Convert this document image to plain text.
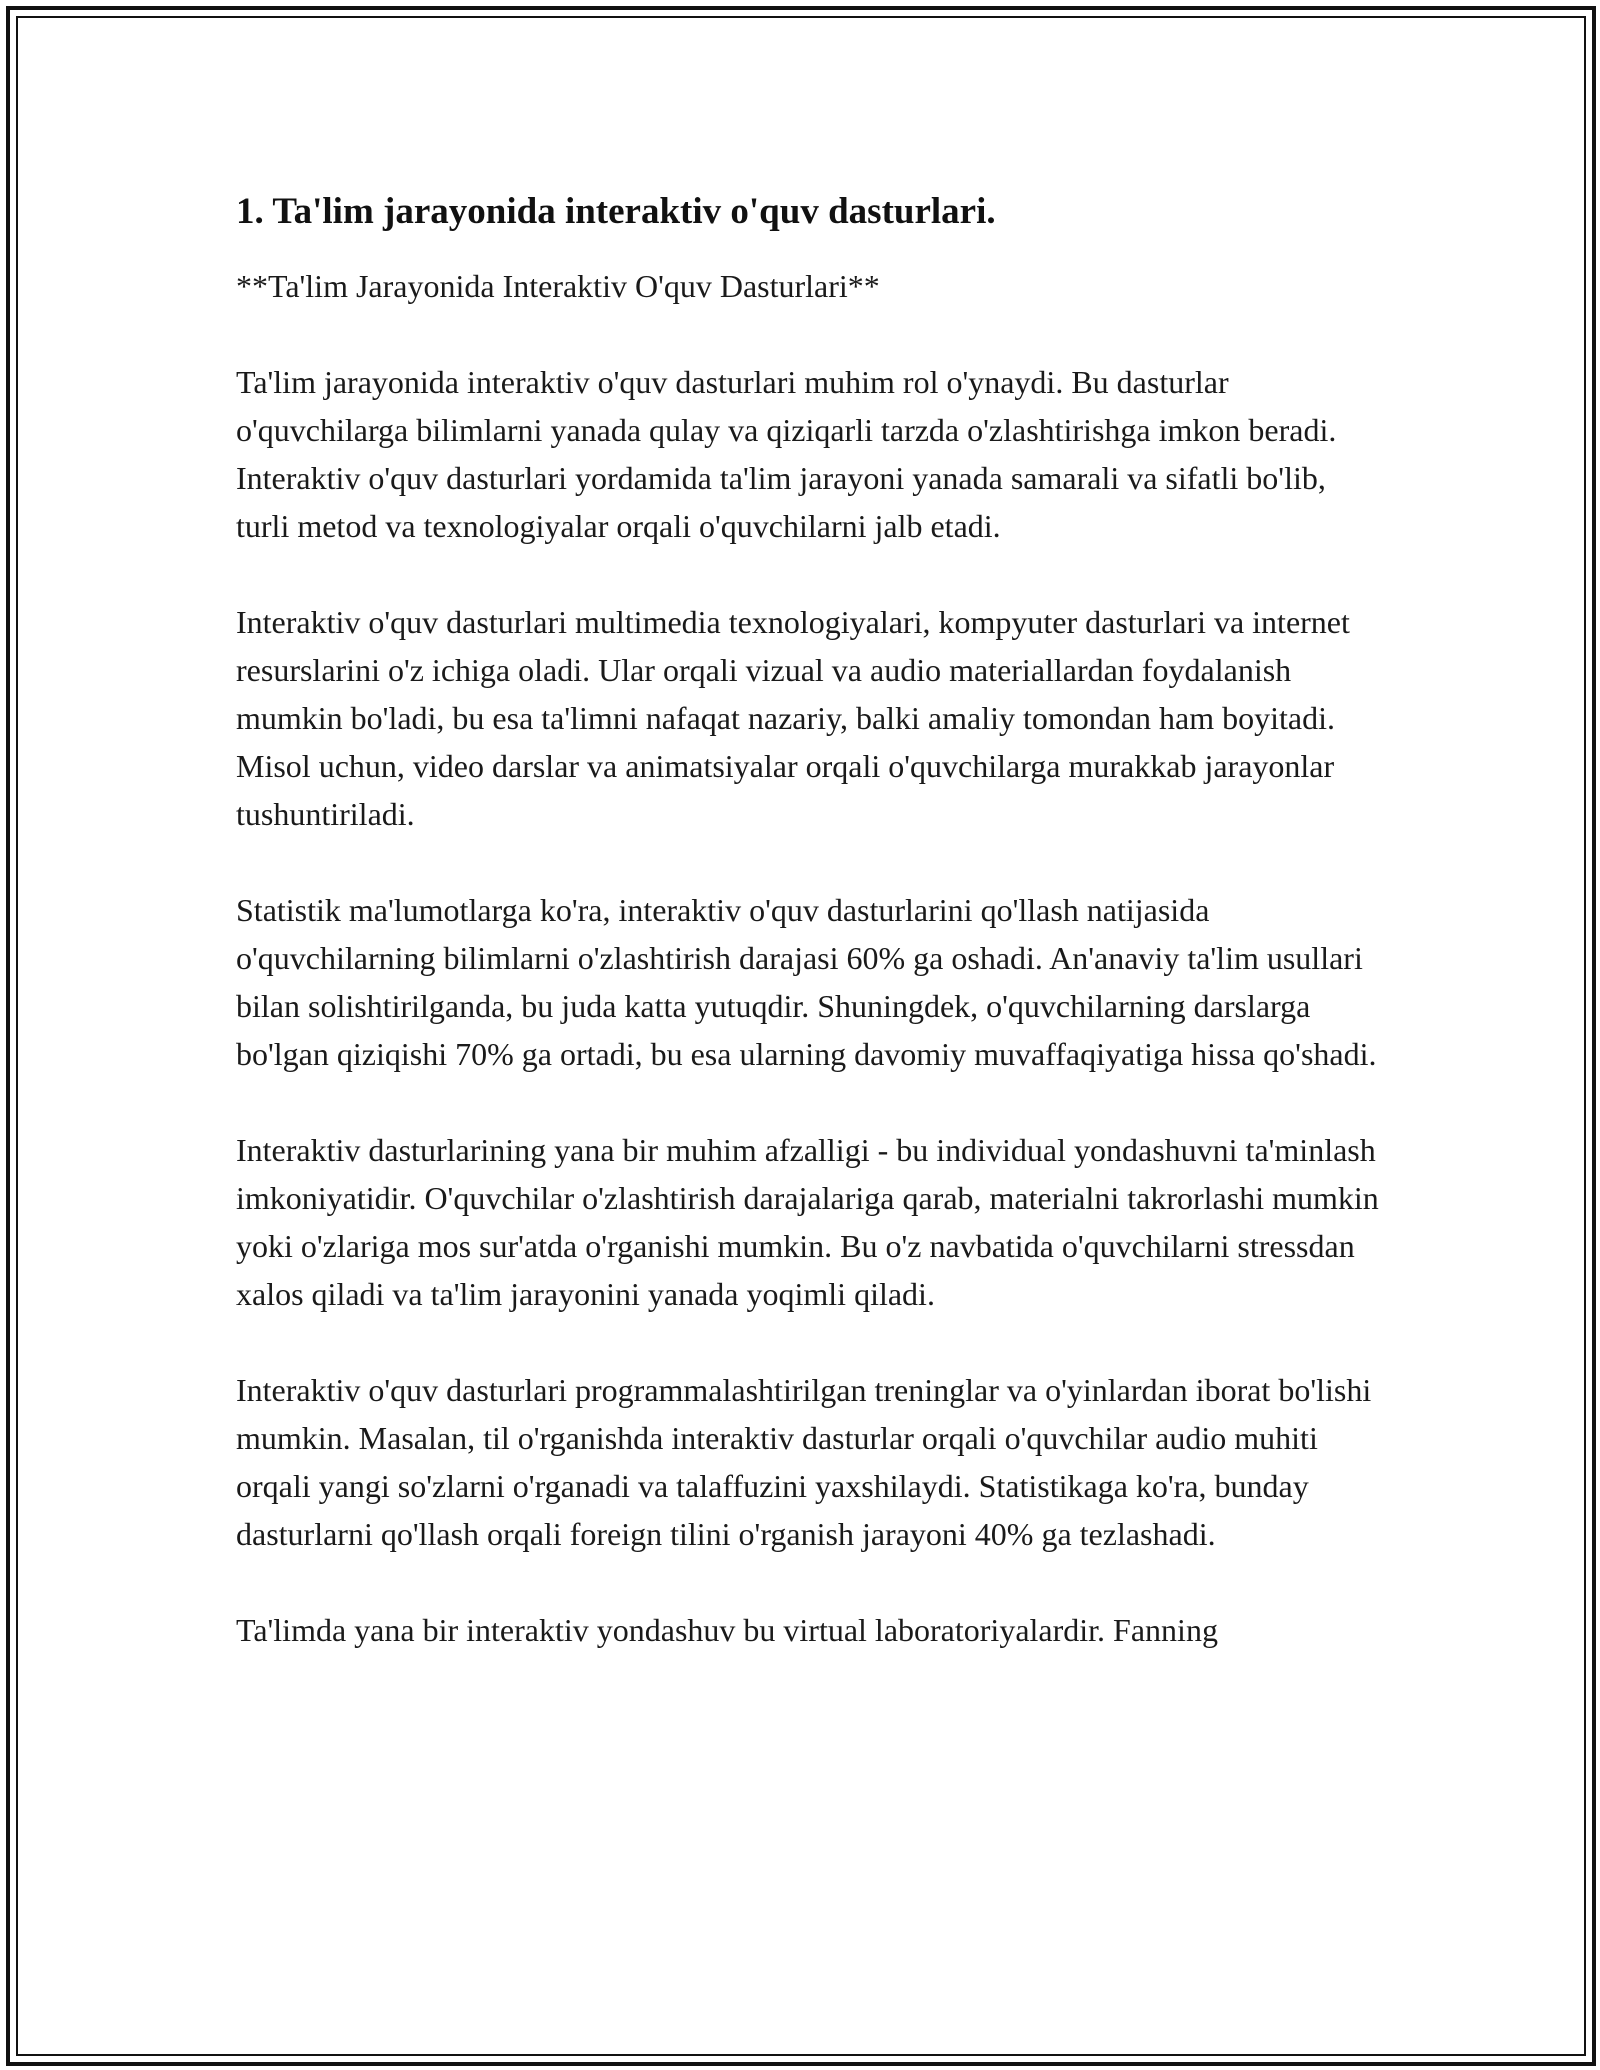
1. Ta'lim jarayonida interaktiv o'quv dasturlari.

**Ta'lim Jarayonida Interaktiv O'quv Dasturlari**

Ta'lim jarayonida interaktiv o'quv dasturlari muhim rol o'ynaydi. Bu dasturlar o'quvchilarga bilimlarni yanada qulay va qiziqarli tarzda o'zlashtirishga imkon beradi. Interaktiv o'quv dasturlari yordamida ta'lim jarayoni yanada samarali va sifatli bo'lib, turli metod va texnologiyalar orqali o'quvchilarni jalb etadi.

Interaktiv o'quv dasturlari multimedia texnologiyalari, kompyuter dasturlari va internet resurslarini o'z ichiga oladi. Ular orqali vizual va audio materiallardan foydalanish mumkin bo'ladi, bu esa ta'limni nafaqat nazariy, balki amaliy tomondan ham boyitadi. Misol uchun, video darslar va animatsiyalar orqali o'quvchilarga murakkab jarayonlar tushuntiriladi.

Statistik ma'lumotlarga ko'ra, interaktiv o'quv dasturlarini qo'llash natijasida o'quvchilarning bilimlarni o'zlashtirish darajasi 60% ga oshadi. An'anaviy ta'lim usullari bilan solishtirilganda, bu juda katta yutuqdir. Shuningdek, o'quvchilarning darslarga bo'lgan qiziqishi 70% ga ortadi, bu esa ularning davomiy muvaffaqiyatiga hissa qo'shadi.

Interaktiv dasturlarining yana bir muhim afzalligi - bu individual yondashuvni ta'minlash imkoniyatidir. O'quvchilar o'zlashtirish darajalariga qarab, materialni takrorlashi mumkin yoki o'zlariga mos sur'atda o'rganishi mumkin. Bu o'z navbatida o'quvchilarni stressdan xalos qiladi va ta'lim jarayonini yanada yoqimli qiladi.

Interaktiv o'quv dasturlari programmalashtirilgan treninglar va o'yinlardan iborat bo'lishi mumkin. Masalan, til o'rganishda interaktiv dasturlar orqali o'quvchilar audio muhiti orqali yangi so'zlarni o'rganadi va talaffuzini yaxshilaydi. Statistikaga ko'ra, bunday dasturlarni qo'llash orqali foreign tilini o'rganish jarayoni 40% ga tezlashadi.

Ta'limda yana bir interaktiv yondashuv bu virtual laboratoriyalardir. Fanning
